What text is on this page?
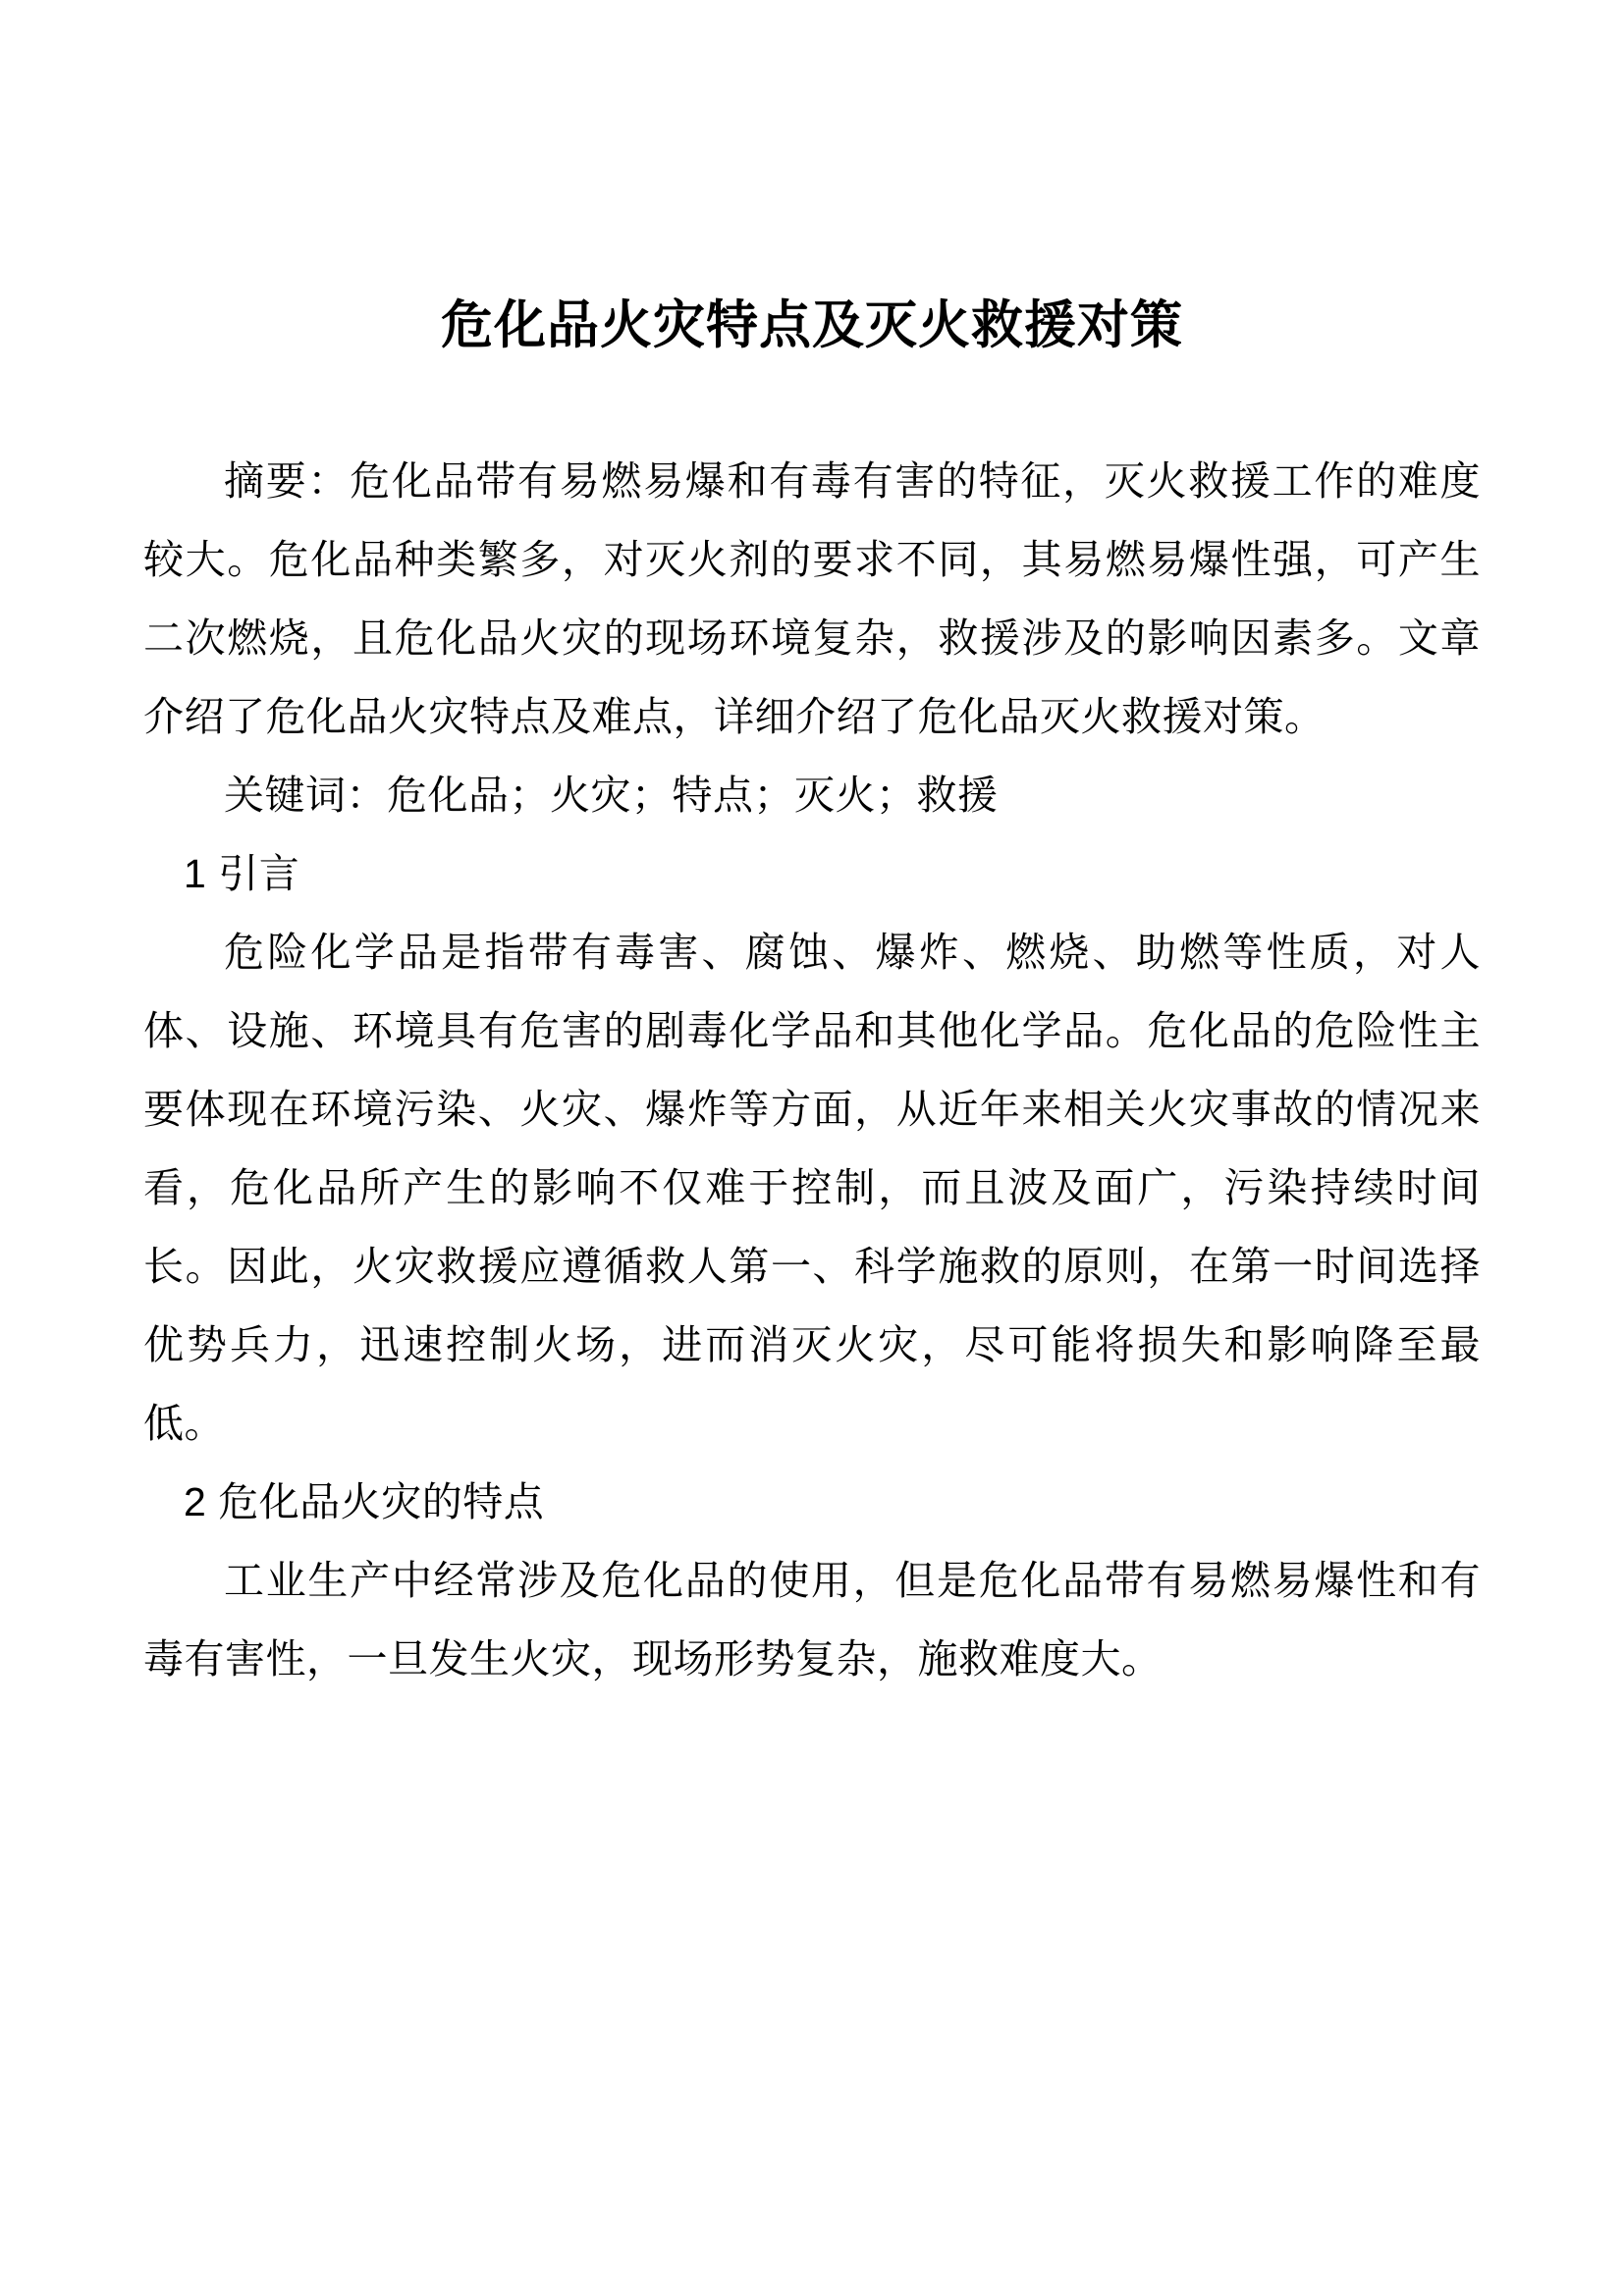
危化品火灾特点及灭火救援对策

摘要：危化品带有易燃易爆和有毒有害的特征，灭火救援工作的难度较大。危化品种类繁多，对灭火剂的要求不同，其易燃易爆性强，可产生二次燃烧，且危化品火灾的现场环境复杂，救援涉及的影响因素多。文章介绍了危化品火灾特点及难点，详细介绍了危化品灭火救援对策。

关键词：危化品；火灾；特点；灭火；救援

1 引言

危险化学品是指带有毒害、腐蚀、爆炸、燃烧、助燃等性质，对人体、设施、环境具有危害的剧毒化学品和其他化学品。危化品的危险性主要体现在环境污染、火灾、爆炸等方面，从近年来相关火灾事故的情况来看，危化品所产生的影响不仅难于控制，而且波及面广，污染持续时间长。因此，火灾救援应遵循救人第一、科学施救的原则，在第一时间选择优势兵力，迅速控制火场，进而消灭火灾，尽可能将损失和影响降至最低。

2 危化品火灾的特点

工业生产中经常涉及危化品的使用，但是危化品带有易燃易爆性和有毒有害性，一旦发生火灾，现场形势复杂，施救难度大。
